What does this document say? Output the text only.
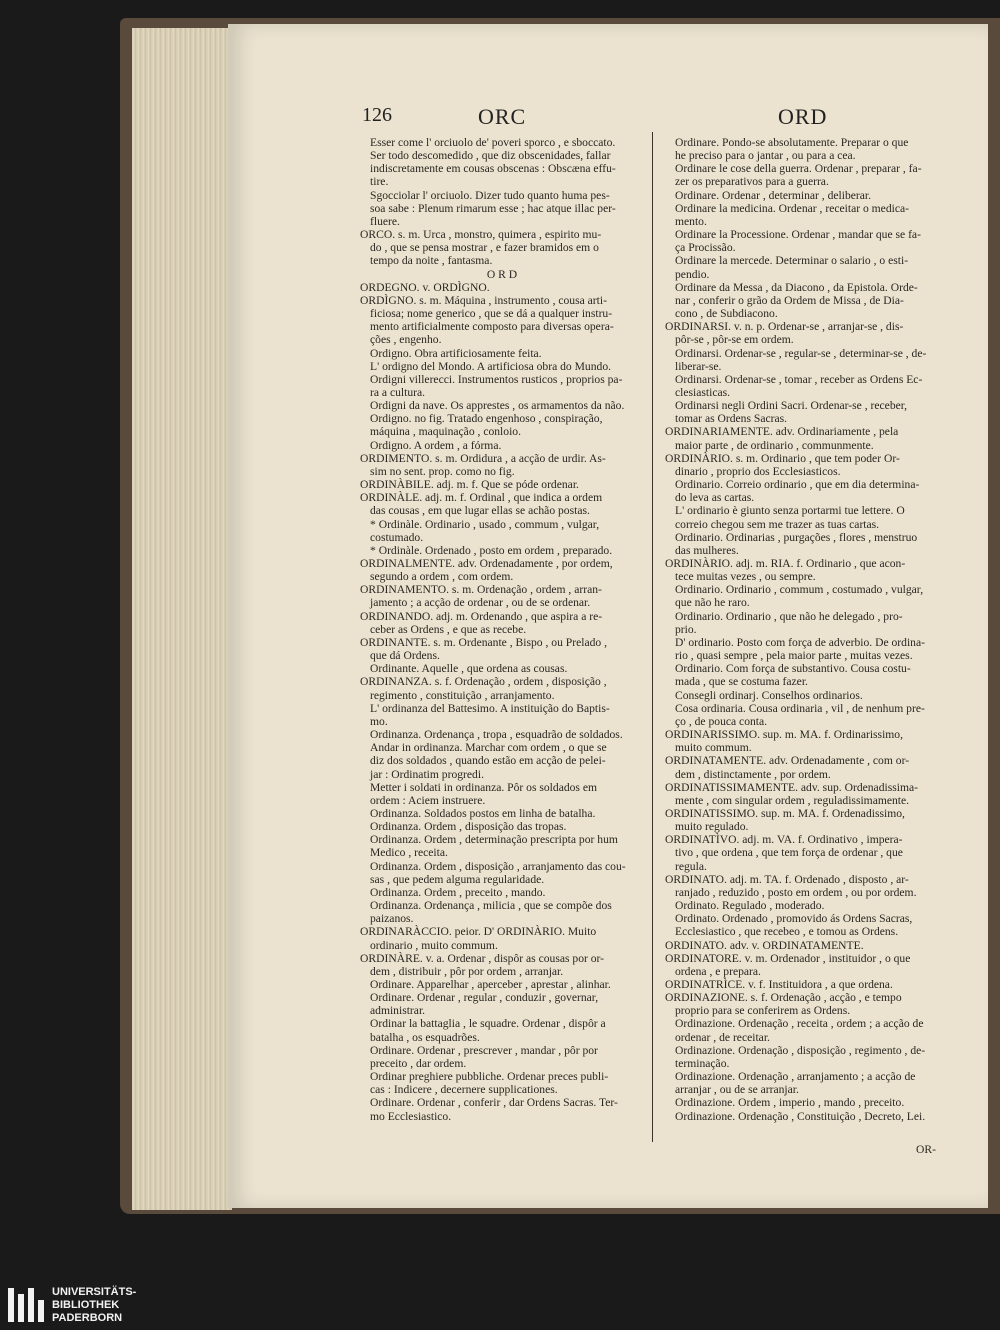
126	ORC	ORD
Esser come l' orciuolo de' poveri sporco , e sboccato.
Ser todo descomedido , que diz obscenidades, fallar
indiscretamente em cousas obscenas : Obscæna effu-
tire.
Sgocciolar l' orciuolo. Dizer tudo quanto huma pes-
soa sabe : Plenum rimarum esse ; hac atque illac per-
fluere.
ORCO. s. m. Urca , monstro, quimera , espirito mu-
do , que se pensa mostrar , e fazer bramidos em o
tempo da noite , fantasma.
O R D
ORDEGNO. v. ORDÌGNO.
ORDÌGNO. s. m. Máquina , instrumento , cousa arti-
ficiosa; nome generico , que se dá a qualquer instru-
mento artificialmente composto para diversas opera-
ções , engenho.
Ordigno. Obra artificiosamente feita.
L' ordigno del Mondo. A artificiosa obra do Mundo.
Ordigni villerecci. Instrumentos rusticos , proprios pa-
ra a cultura.
Ordigni da nave. Os apprestes , os armamentos da não.
Ordigno. no fig. Tratado engenhoso , conspiração,
máquina , maquinação , conloio.
Ordigno. A ordem , a fórma.
ORDIMENTO. s. m. Ordidura , a acção de urdir. As-
sim no sent. prop. como no fig.
ORDINÀBILE. adj. m. f. Que se póde ordenar.
ORDINÀLE. adj. m. f. Ordinal , que indica a ordem
das cousas , em que lugar ellas se achão postas.
* Ordinàle. Ordinario , usado , commum , vulgar,
costumado.
* Ordinàle. Ordenado , posto em ordem , preparado.
ORDINALMENTE. adv. Ordenadamente , por ordem,
segundo a ordem , com ordem.
ORDINAMENTO. s. m. Ordenação , ordem , arran-
jamento ; a acção de ordenar , ou de se ordenar.
ORDINANDO. adj. m. Ordenando , que aspira a re-
ceber as Ordens , e que as recebe.
ORDINANTE. s. m. Ordenante , Bispo , ou Prelado ,
que dá Ordens.
Ordinante. Aquelle , que ordena as cousas.
ORDINANZA. s. f. Ordenação , ordem , disposição ,
regimento , constituição , arranjamento.
L' ordinanza del Battesimo. A instituição do Baptis-
mo.
Ordinanza. Ordenança , tropa , esquadrão de soldados.
Andar in ordinanza. Marchar com ordem , o que se
diz dos soldados , quando estão em acção de pelei-
jar : Ordinatim progredi.
Metter i soldati in ordinanza. Pôr os soldados em
ordem : Aciem instruere.
Ordinanza. Soldados postos em linha de batalha.
Ordinanza. Ordem , disposição das tropas.
Ordinanza. Ordem , determinação prescripta por hum
Medico , receita.
Ordinanza. Ordem , disposição , arranjamento das cou-
sas , que pedem alguma regularidade.
Ordinanza. Ordem , preceito , mando.
Ordinanza. Ordenança , milicia , que se compõe dos
paizanos.
ORDINARÀCCIO. peior. D' ORDINÀRIO. Muito
ordinario , muito commum.
ORDINÀRE. v. a. Ordenar , dispôr as cousas por or-
dem , distribuir , pôr por ordem , arranjar.
Ordinare. Apparelhar , aperceber , aprestar , alinhar.
Ordinare. Ordenar , regular , conduzir , governar,
administrar.
Ordinar la battaglia , le squadre. Ordenar , dispôr a
batalha , os esquadrões.
Ordinare. Ordenar , prescrever , mandar , pôr por
preceito , dar ordem.
Ordinar preghiere pubbliche. Ordenar preces publi-
cas : Indicere , decernere supplicationes.
Ordinare. Ordenar , conferir , dar Ordens Sacras. Ter-
mo Ecclesiastico.
Ordinare. Pondo-se absolutamente. Preparar o que
he preciso para o jantar , ou para a cea.
Ordinare le cose della guerra. Ordenar , preparar , fa-
zer os preparativos para a guerra.
Ordinare. Ordenar , determinar , deliberar.
Ordinare la medicina. Ordenar , receitar o medica-
mento.
Ordinare la Processione. Ordenar , mandar que se fa-
ça Procissão.
Ordinare la mercede. Determinar o salario , o esti-
pendio.
Ordinare da Messa , da Diacono , da Epistola. Orde-
nar , conferir o grão da Ordem de Missa , de Dia-
cono , de Subdiacono.
ORDINARSI. v. n. p. Ordenar-se , arranjar-se , dis-
pôr-se , pôr-se em ordem.
Ordinarsi. Ordenar-se , regular-se , determinar-se , de-
liberar-se.
Ordinarsi. Ordenar-se , tomar , receber as Ordens Ec-
clesiasticas.
Ordinarsi negli Ordini Sacri. Ordenar-se , receber,
tomar as Ordens Sacras.
ORDINARIAMENTE. adv. Ordinariamente , pela
maior parte , de ordinario , communmente.
ORDINÀRIO. s. m. Ordinario , que tem poder Or-
dinario , proprio dos Ecclesiasticos.
Ordinario. Correio ordinario , que em dia determina-
do leva as cartas.
L' ordinario è giunto senza portarmi tue lettere. O
correio chegou sem me trazer as tuas cartas.
Ordinario. Ordinarias , purgações , flores , menstruo
das mulheres.
ORDINÀRIO. adj. m. RIA. f. Ordinario , que acon-
tece muitas vezes , ou sempre.
Ordinario. Ordinario , commum , costumado , vulgar,
que não he raro.
Ordinario. Ordinario , que não he delegado , pro-
prio.
D' ordinario. Posto com força de adverbio. De ordina-
rio , quasi sempre , pela maior parte , muitas vezes.
Ordinario. Com força de substantivo. Cousa costu-
mada , que se costuma fazer.
Consegli ordinarj. Conselhos ordinarios.
Cosa ordinaria. Cousa ordinaria , vil , de nenhum pre-
ço , de pouca conta.
ORDINARISSIMO. sup. m. MA. f. Ordinarissimo,
muito commum.
ORDINATAMENTE. adv. Ordenadamente , com or-
dem , distinctamente , por ordem.
ORDINATISSIMAMENTE. adv. sup. Ordenadissima-
mente , com singular ordem , reguladissimamente.
ORDINATISSIMO. sup. m. MA. f. Ordenadissimo,
muito regulado.
ORDINATÌVO. adj. m. VA. f. Ordinativo , impera-
tivo , que ordena , que tem força de ordenar , que
regula.
ORDINATO. adj. m. TA. f. Ordenado , disposto , ar-
ranjado , reduzido , posto em ordem , ou por ordem.
Ordinato. Regulado , moderado.
Ordinato. Ordenado , promovido ás Ordens Sacras,
Ecclesiastico , que recebeo , e tomou as Ordens.
ORDINATO. adv. v. ORDINATAMENTE.
ORDINATORE. v. m. Ordenador , instituidor , o que
ordena , e prepara.
ORDINATRÌCE. v. f. Instituidora , a que ordena.
ORDINAZIONE. s. f. Ordenação , acção , e tempo
proprio para se conferirem as Ordens.
Ordinazione. Ordenação , receita , ordem ; a acção de
ordenar , de receitar.
Ordinazione. Ordenação , disposição , regimento , de-
terminação.
Ordinazione. Ordenação , arranjamento ; a acção de
arranjar , ou de se arranjar.
Ordinazione. Ordem , imperio , mando , preceito.
Ordinazione. Ordenação , Constituição , Decreto, Lei.
OR-
UNIVERSITÄTS-
BIBLIOTHEK
PADERBORN
